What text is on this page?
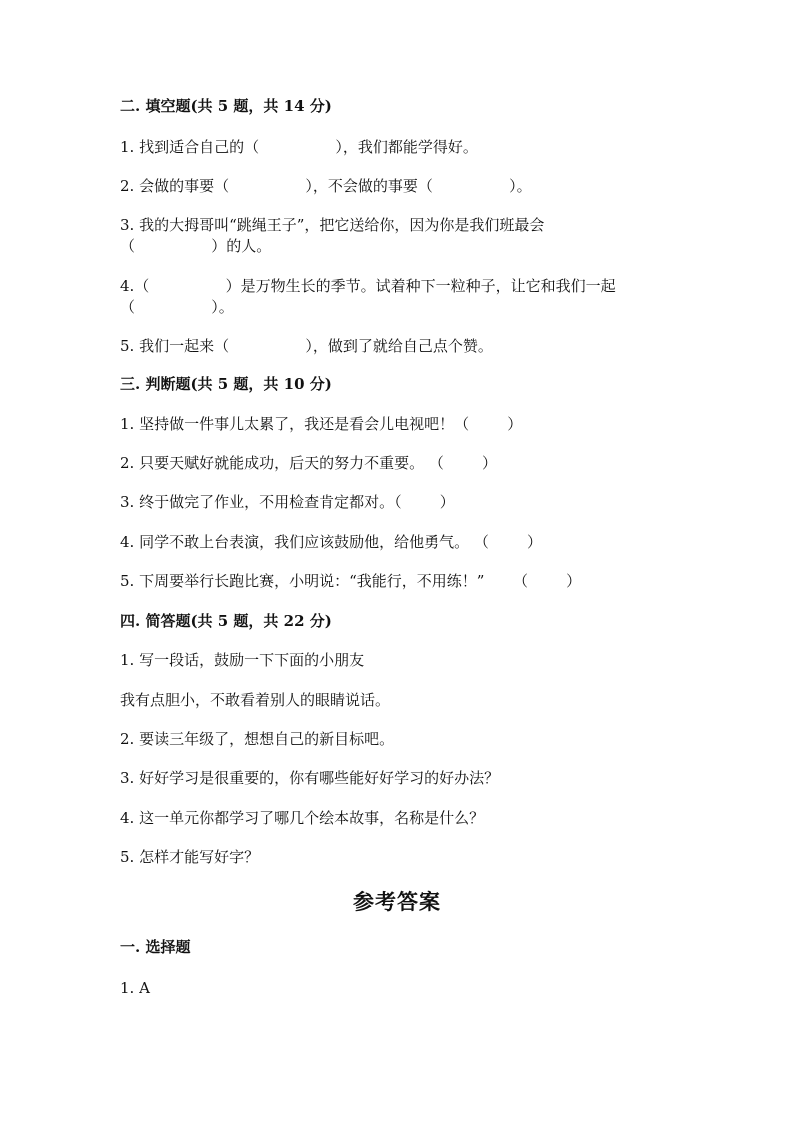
二. 填空题(共 5 题，共 14 分)
1. 找到适合自己的（                ），我们都能学得好。
2. 会做的事要（                ），不会做的事要（                ）。
3. 我的大拇哥叫“跳绳王子”，把它送给你，因为你是我们班最会
（                ）的人。
4.（                ）是万物生长的季节。试着种下一粒种子，让它和我们一起
（                ）。
5. 我们一起来（                ），做到了就给自己点个赞。
三. 判断题(共 5 题，共 10 分)
1. 坚持做一件事儿太累了，我还是看会儿电视吧！（        ）
2. 只要天赋好就能成功，后天的努力不重要。 （        ）
3. 终于做完了作业，不用检查肯定都对。（        ）
4. 同学不敢上台表演，我们应该鼓励他，给他勇气。 （        ）
5. 下周要举行长跑比赛，小明说：“我能行，不用练！”      （        ）
四. 简答题(共 5 题，共 22 分)
1. 写一段话，鼓励一下下面的小朋友
我有点胆小，不敢看着别人的眼睛说话。
2. 要读三年级了，想想自己的新目标吧。
3. 好好学习是很重要的，你有哪些能好好学习的好办法？
4. 这一单元你都学习了哪几个绘本故事，名称是什么？
5. 怎样才能写好字？
参考答案
一. 选择题
1. A
